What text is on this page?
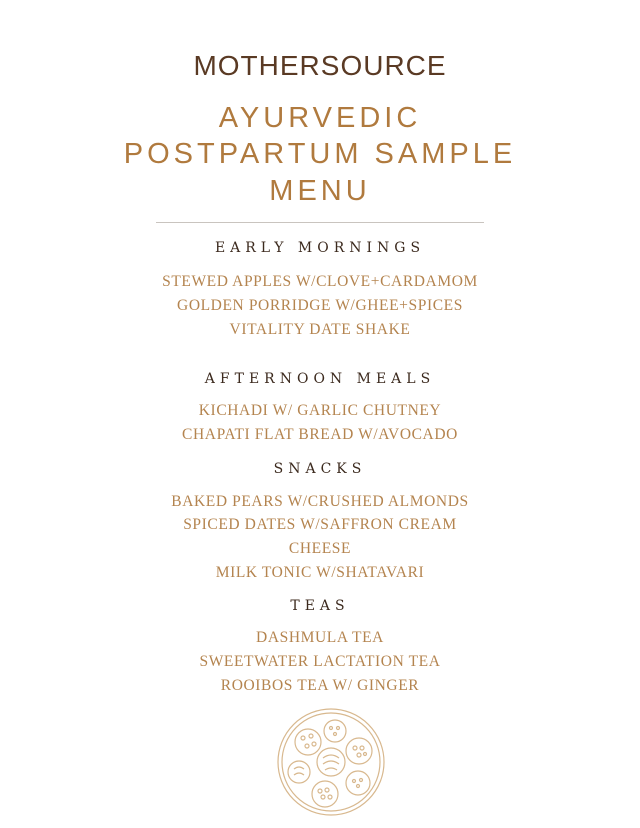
MOTHERSOURCE
AYURVEDIC
POSTPARTUM SAMPLE
MENU
EARLY MORNINGS
STEWED APPLES W/CLOVE+CARDAMOM
GOLDEN PORRIDGE W/GHEE+SPICES
VITALITY DATE SHAKE
AFTERNOON MEALS
KICHADI W/ GARLIC CHUTNEY
CHAPATI FLAT BREAD W/AVOCADO
SNACKS
BAKED PEARS W/CRUSHED ALMONDS
SPICED DATES W/SAFFRON CREAM
CHEESE
MILK TONIC W/SHATAVARI
TEAS
DASHMULA TEA
SWEETWATER LACTATION TEA
ROOIBOS TEA W/ GINGER
